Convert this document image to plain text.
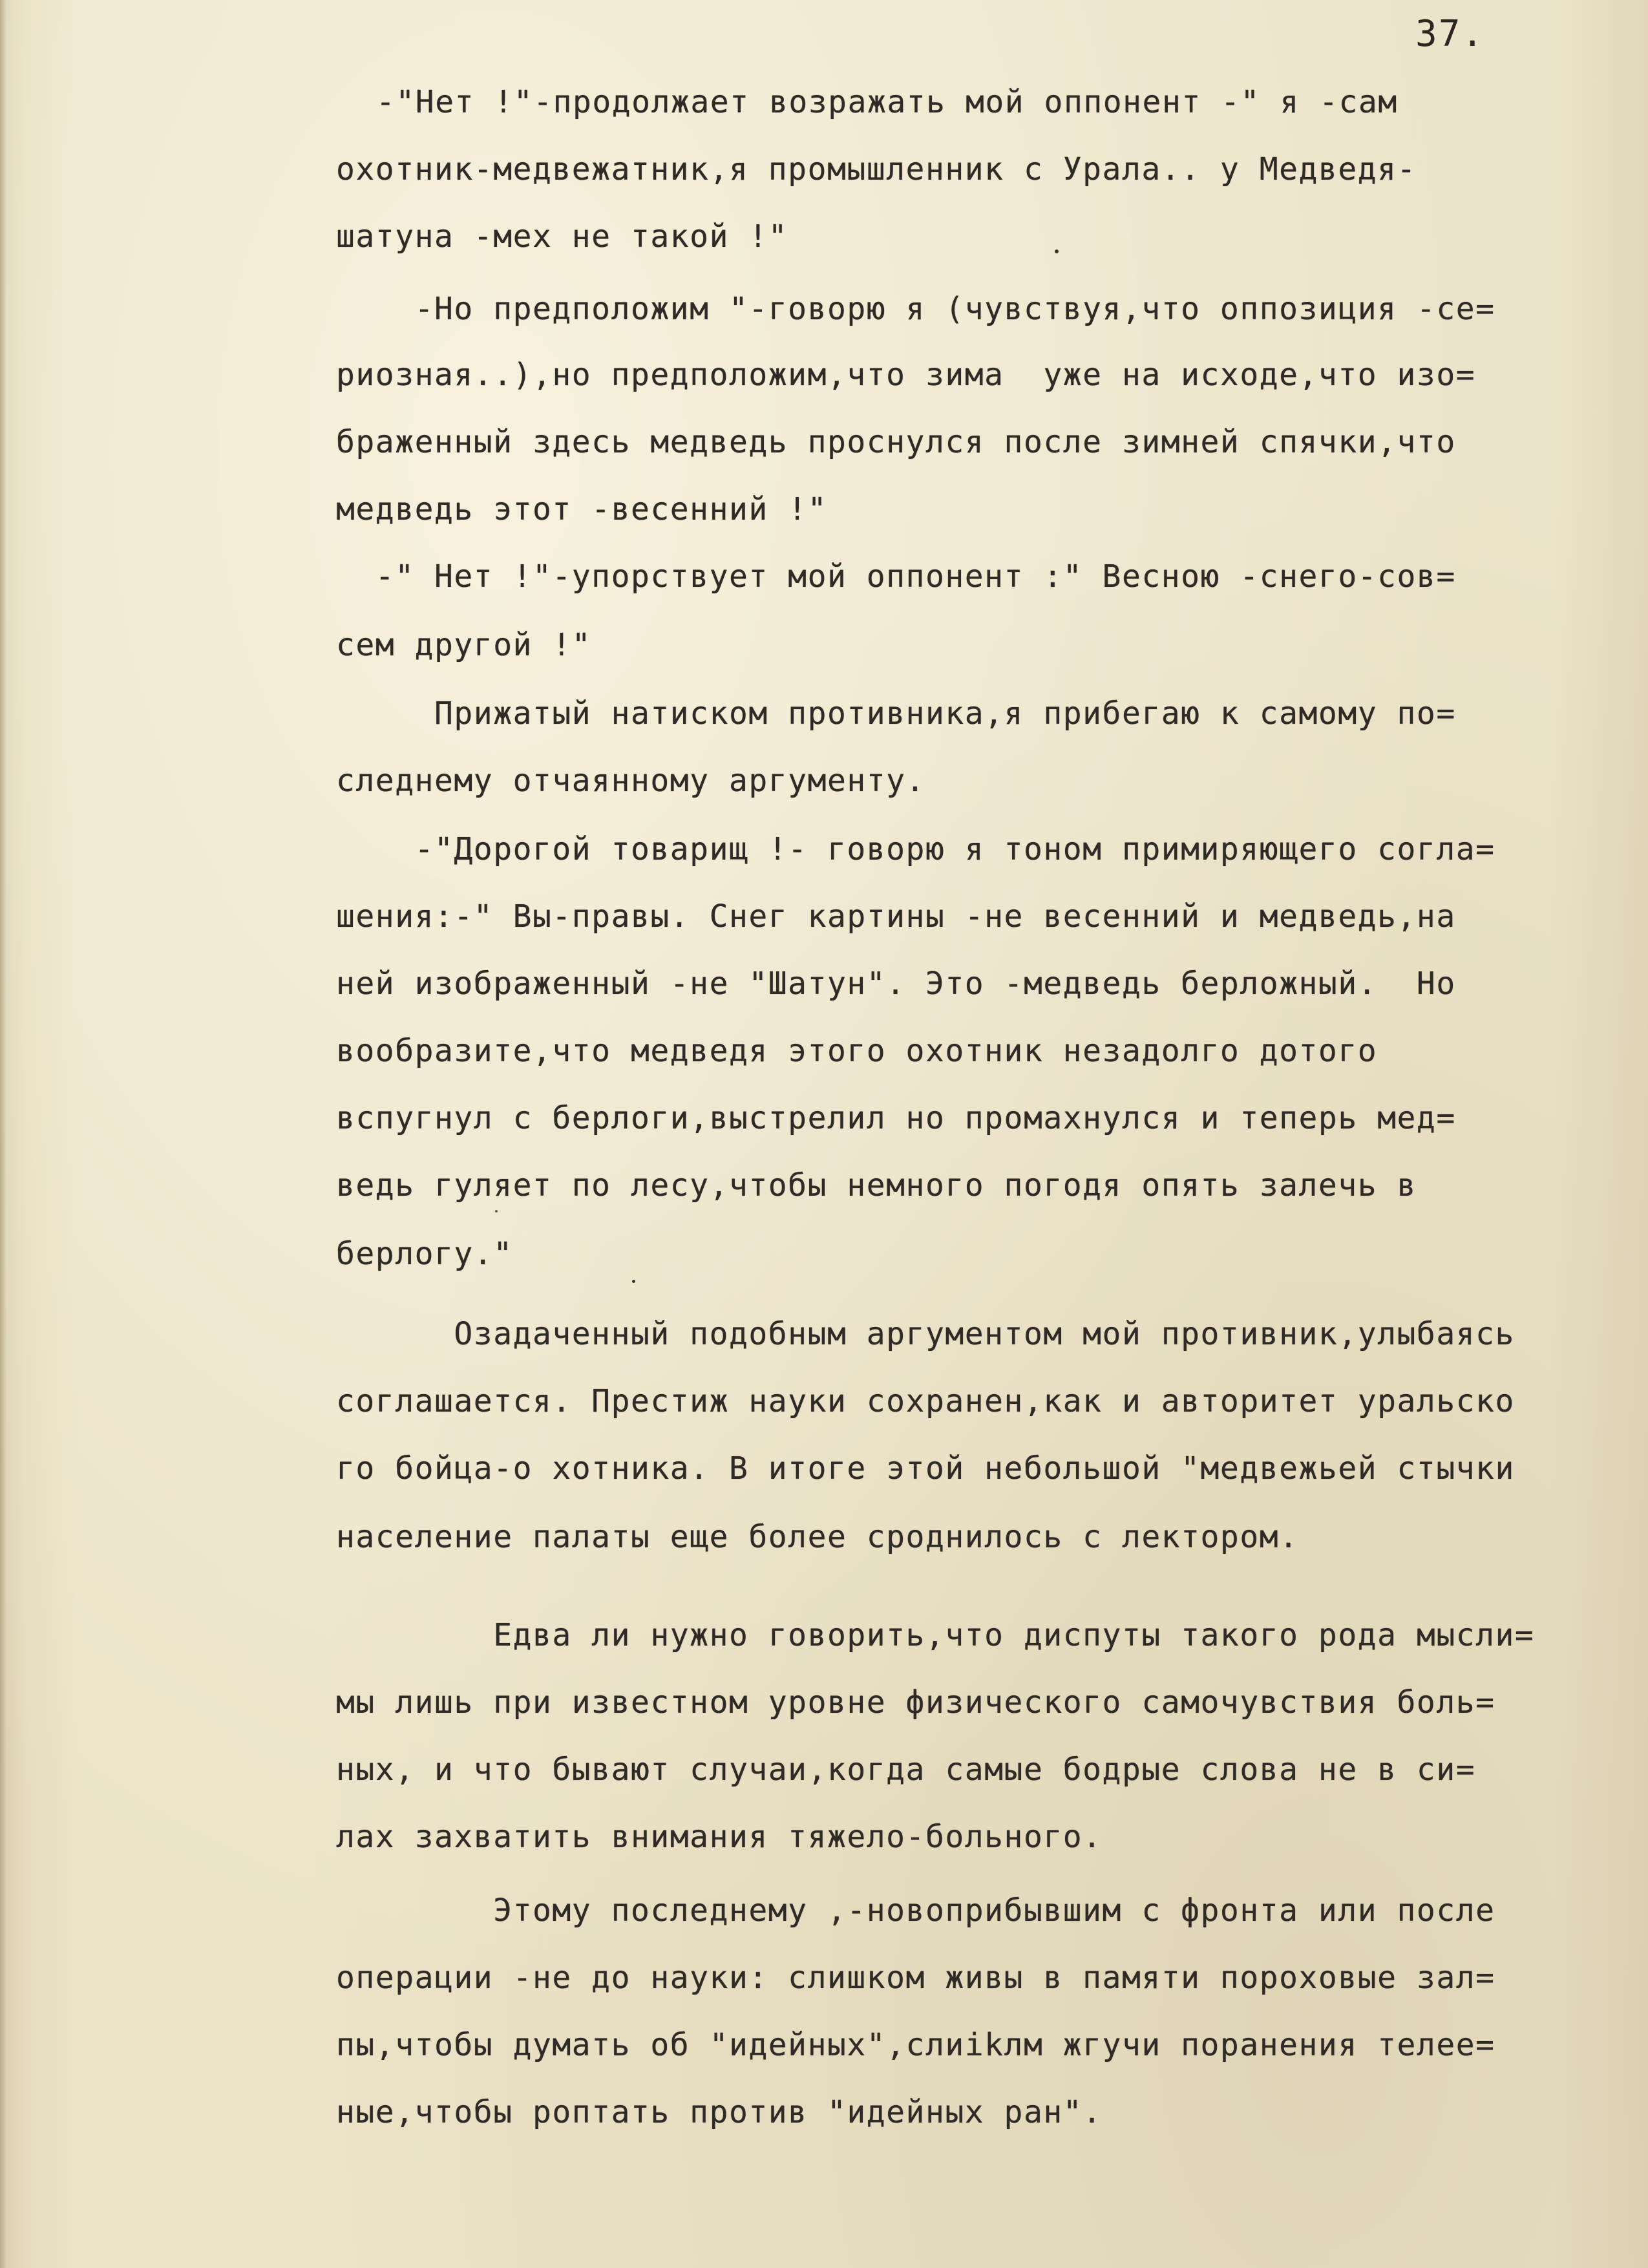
37.
-"Нет !"-продолжает возражать мой оппонент -" я -сам
охотник-медвежатник,я промышленник с Урала.. у Медведя-
шатуна -мех не такой !"
-Но предположим "-говорю я (чувствуя,что оппозиция -се=
риозная..),но предположим,что зима  уже на исходе,что изо=
браженный здесь медведь проснулся после зимней спячки,что
медведь этот -весенний !"
-" Нет !"-упорствует мой оппонент :" Весною -снего-сов=
сем другой !"
Прижатый натиском противника,я прибегаю к самому по=
следнему отчаянному аргументу.
-"Дорогой товарищ !- говорю я тоном примиряющего согла=
шения:-" Вы-правы. Снег картины -не весенний и медведь,на
ней изображенный -не "Шатун". Это -медведь берложный.  Но
вообразите,что медведя этого охотник незадолго дотого
вспугнул с берлоги,выстрелил но промахнулся и теперь мед=
ведь гуляет по лесу,чтобы немного погодя опять залечь в
берлогу."
Озадаченный подобным аргументом мой противник,улыбаясь
соглашается. Престиж науки сохранен,как и авторитет уральско
го бойца-о хотника. В итоге этой небольшой "медвежьей стычки
население палаты еще более сроднилось с лектором.
Едва ли нужно говорить,что диспуты такого рода мысли=
мы лишь при известном уровне физического самочувствия боль=
ных, и что бывают случаи,когда самые бодрые слова не в си=
лах захватить внимания тяжело-больного.
Этому последнему ,-новоприбывшим с фронта или после
операции -не до науки: слишком живы в памяти пороховые зал=
пы,чтобы думать об "идейных",слиikлм жгучи поранения телее=
ные,чтобы роптать против "идейных ран".
